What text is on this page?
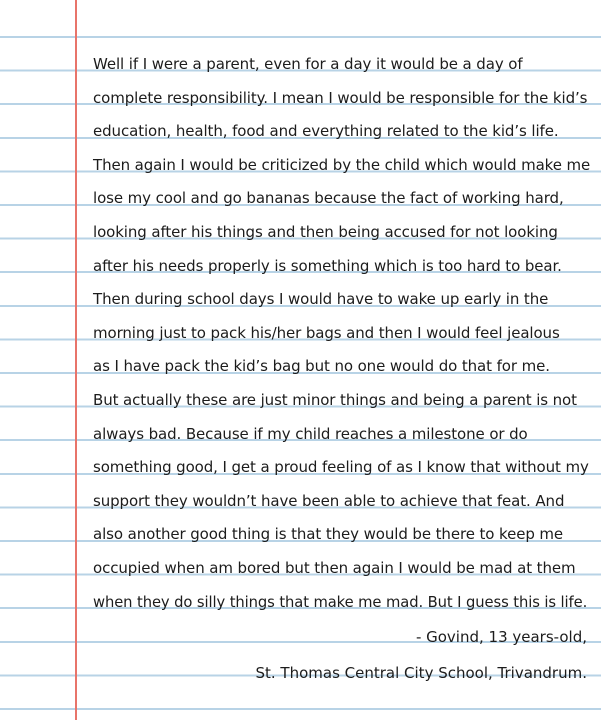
Well if I were a parent, even for a day it would be a day of
complete responsibility. I mean I would be responsible for the kid’s
education, health, food and everything related to the kid’s life.
Then again I would be criticized by the child which would make me
lose my cool and go bananas because the fact of working hard,
looking after his things and then being accused for not looking
after his needs properly is something which is too hard to bear.
Then during school days I would have to wake up early in the
morning just to pack his/her bags and then I would feel jealous
as I have pack the kid’s bag but no one would do that for me.
But actually these are just minor things and being a parent is not
always bad. Because if my child reaches a milestone or do
something good, I get a proud feeling of as I know that without my
support they wouldn’t have been able to achieve that feat. And
also another good thing is that they would be there to keep me
occupied when am bored but then again I would be mad at them
when they do silly things that make me mad. But I guess this is life.
- Govind, 13 years-old,
St. Thomas Central City School, Trivandrum.
